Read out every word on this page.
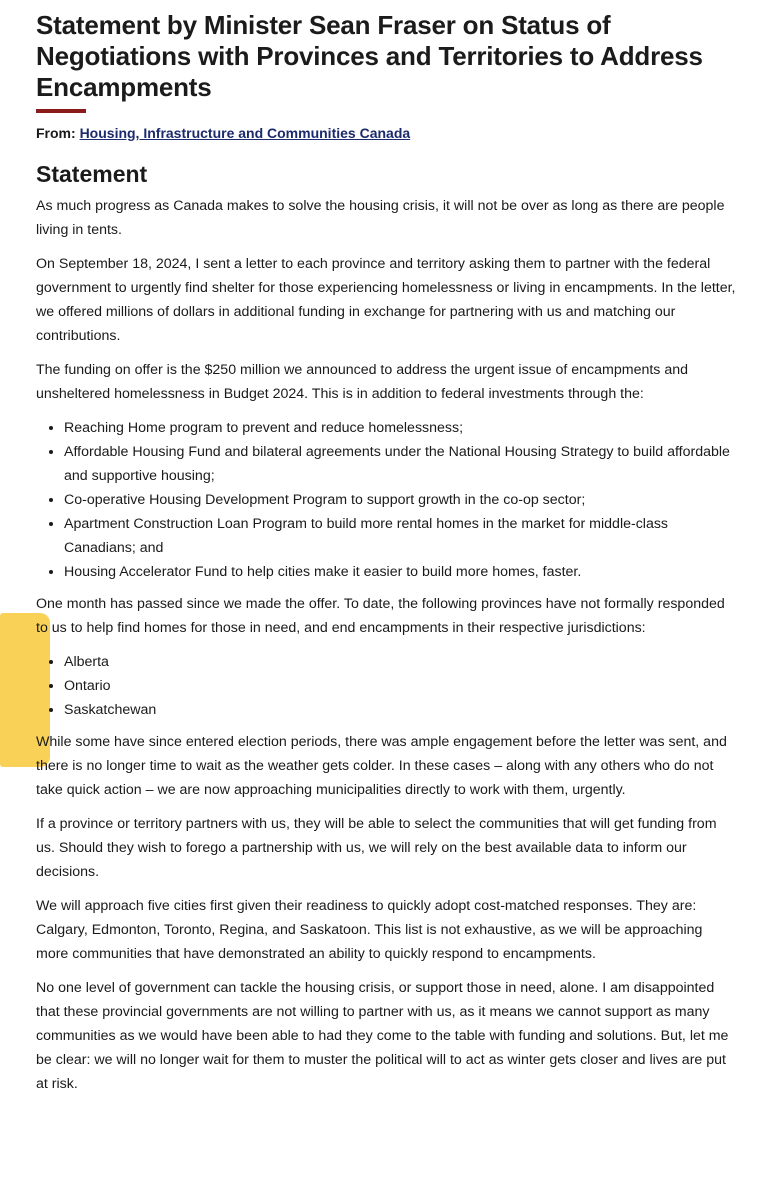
Statement by Minister Sean Fraser on Status of Negotiations with Provinces and Territories to Address Encampments
From: Housing, Infrastructure and Communities Canada
Statement

As much progress as Canada makes to solve the housing crisis, it will not be over as long as there are people living in tents.

On September 18, 2024, I sent a letter to each province and territory asking them to partner with the federal government to urgently find shelter for those experiencing homelessness or living in encampments. In the letter, we offered millions of dollars in additional funding in exchange for partnering with us and matching our contributions.

The funding on offer is the $250 million we announced to address the urgent issue of encampments and unsheltered homelessness in Budget 2024. This is in addition to federal investments through the:

• Reaching Home program to prevent and reduce homelessness;
• Affordable Housing Fund and bilateral agreements under the National Housing Strategy to build affordable and supportive housing;
• Co-operative Housing Development Program to support growth in the co-op sector;
• Apartment Construction Loan Program to build more rental homes in the market for middle-class Canadians; and
• Housing Accelerator Fund to help cities make it easier to build more homes, faster.

One month has passed since we made the offer. To date, the following provinces have not formally responded to us to help find homes for those in need, and end encampments in their respective jurisdictions:

• Alberta
• Ontario
• Saskatchewan

While some have since entered election periods, there was ample engagement before the letter was sent, and there is no longer time to wait as the weather gets colder. In these cases – along with any others who do not take quick action – we are now approaching municipalities directly to work with them, urgently.

If a province or territory partners with us, they will be able to select the communities that will get funding from us. Should they wish to forego a partnership with us, we will rely on the best available data to inform our decisions.

We will approach five cities first given their readiness to quickly adopt cost-matched responses. They are: Calgary, Edmonton, Toronto, Regina, and Saskatoon. This list is not exhaustive, as we will be approaching more communities that have demonstrated an ability to quickly respond to encampments.

No one level of government can tackle the housing crisis, or support those in need, alone. I am disappointed that these provincial governments are not willing to partner with us, as it means we cannot support as many communities as we would have been able to had they come to the table with funding and solutions. But, let me be clear: we will no longer wait for them to muster the political will to act as winter gets closer and lives are put at risk.
